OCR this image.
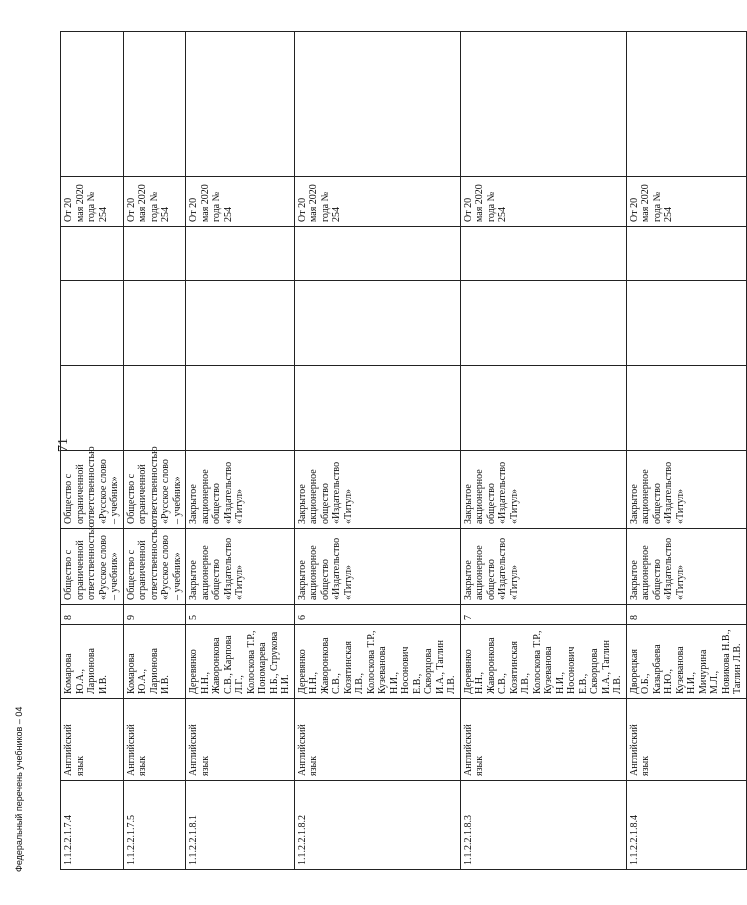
71
1.1.2.2.1.7.4	Английский язык	Комарова Ю.А., Ларионова И.В.	8	Общество с ограниченной ответственностью «Русское слово – учебник»	Общество с ограниченной ответственностью «Русское слово – учебник»				От 20 мая 2020 года № 254	
1.1.2.2.1.7.5	Английский язык	Комарова Ю.А., Ларионова И.В.	9	Общество с ограниченной ответственностью «Русское слово – учебник»	Общество с ограниченной ответственностью «Русское слово – учебник»				От 20 мая 2020 года № 254	
1.1.2.2.1.8.1	Английский язык	Деревянко Н.Н., Жаворонкова С.В., Карпова Л.Г., Колоскова Т.Р., Пономарева Н.Б., Струкова Н.И.	5	Закрытое акционерное общество «Издательство «Титул»	Закрытое акционерное общество «Издательство «Титул»				От 20 мая 2020 года № 254	
1.1.2.2.1.8.2	Английский язык	Деревянко Н.Н., Жаворонкова С.В., Козятинская Л.В., Колоскова Т.Р., Кузеванова Н.И., Носонович Е.В., Скворцова И.А., Таглин Л.В.	6	Закрытое акционерное общество «Издательство «Титул»	Закрытое акционерное общество «Издательство «Титул»				От 20 мая 2020 года № 254	
1.1.2.2.1.8.3	Английский язык	Деревянко Н.Н., Жаворонкова С.В., Козятинская Л.В., Колоскова Т.Р., Кузеванова Н.И., Носонович Е.В., Скворцова И.А., Таглин Л.В.	7	Закрытое акционерное общество «Издательство «Титул»	Закрытое акционерное общество «Издательство «Титул»				От 20 мая 2020 года № 254	
1.1.2.2.1.8.4	Английский язык	Дворецкая О.Б., Казырбаева Н.Ю., Кузеванова Н.И., Мичурина М.Л., Новикова Н.В., Таглин Л.В.	8	Закрытое акционерное общество «Издательство «Титул»	Закрытое акционерное общество «Издательство «Титул»				От 20 мая 2020 года № 254	
Федеральный перечень учебников – 04
